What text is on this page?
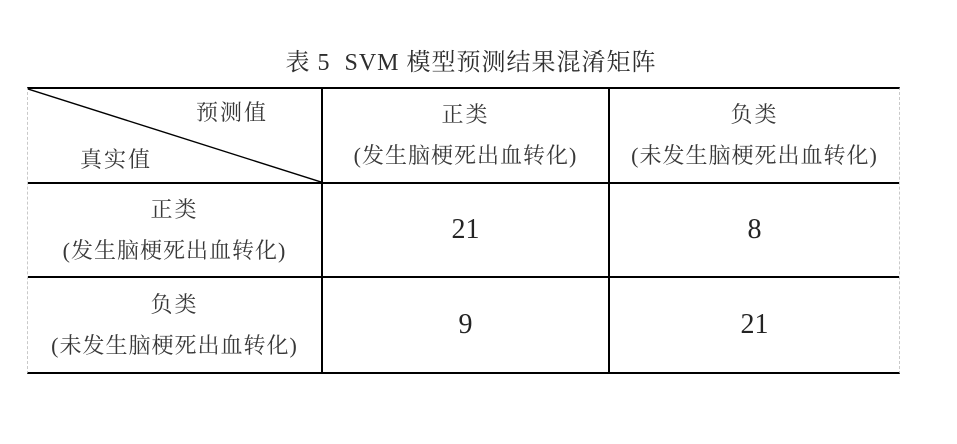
表 5  SVM 模型预测结果混淆矩阵
预测值
真实值
正类
(发生脑梗死出血转化)
负类
(未发生脑梗死出血转化)
正类
(发生脑梗死出血转化)
21	8
负类
(未发生脑梗死出血转化)
9	21
